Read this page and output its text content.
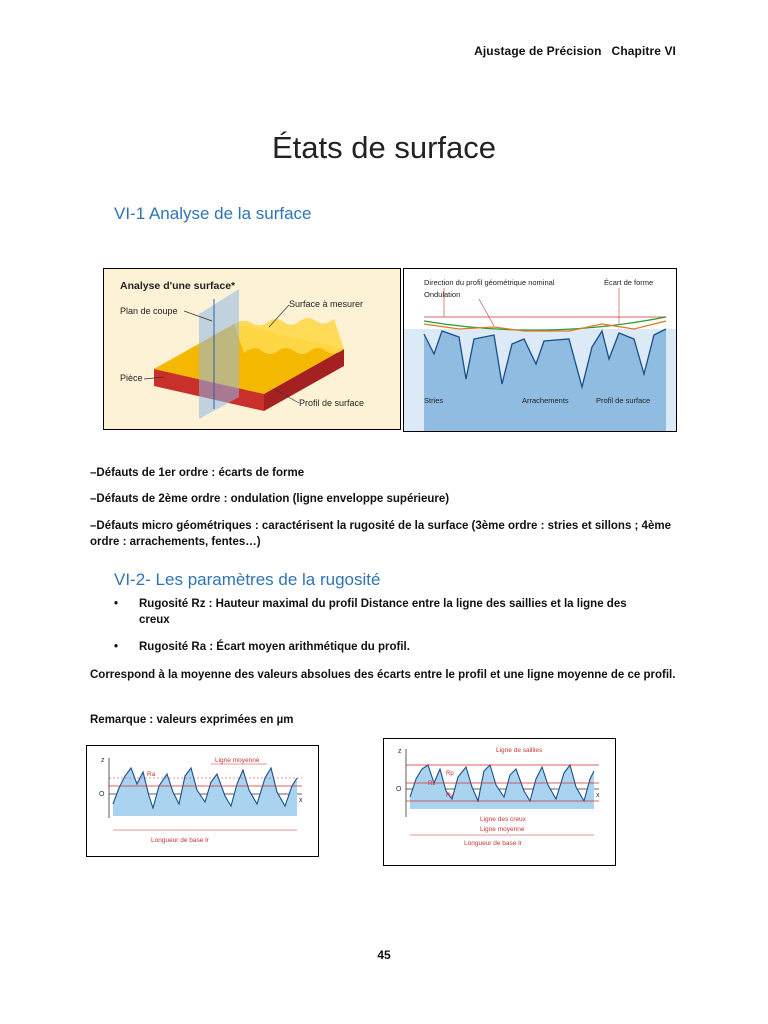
Ajustage de Précision Chapitre VI
États de surface
VI-1 Analyse de la surface
Analyse d'une surface*
Plan de coupe
Surface à mesurer
Pièce
Profil de surface
Direction du profil géométrique nominal	Écart de forme
Ondulation
Stries	Arrachements	Profil de surface
–Défauts de 1er ordre : écarts de forme
–Défauts de 2ème ordre : ondulation (ligne enveloppe supérieure)
–Défauts micro géométriques : caractérisent la rugosité de la surface (3ème ordre : stries et sillons ; 4ème ordre : arrachements, fentes…)
VI-2- Les paramètres de la rugosité
• Rugosité Rz : Hauteur maximal du profil Distance entre la ligne des saillies et la ligne des creux
• Rugosité Ra : Écart moyen arithmétique du profil.
Correspond à la moyenne des valeurs absolues des écarts entre le profil et une ligne moyenne de ce profil.
Remarque : valeurs exprimées en µm
z
O
x
Ra
Ligne moyenne
Longueur de base lr
z
O
x
Rp
Rz
Rv
Ligne de saillies
Ligne des creux
Ligne moyenne
Longueur de base lr
45
